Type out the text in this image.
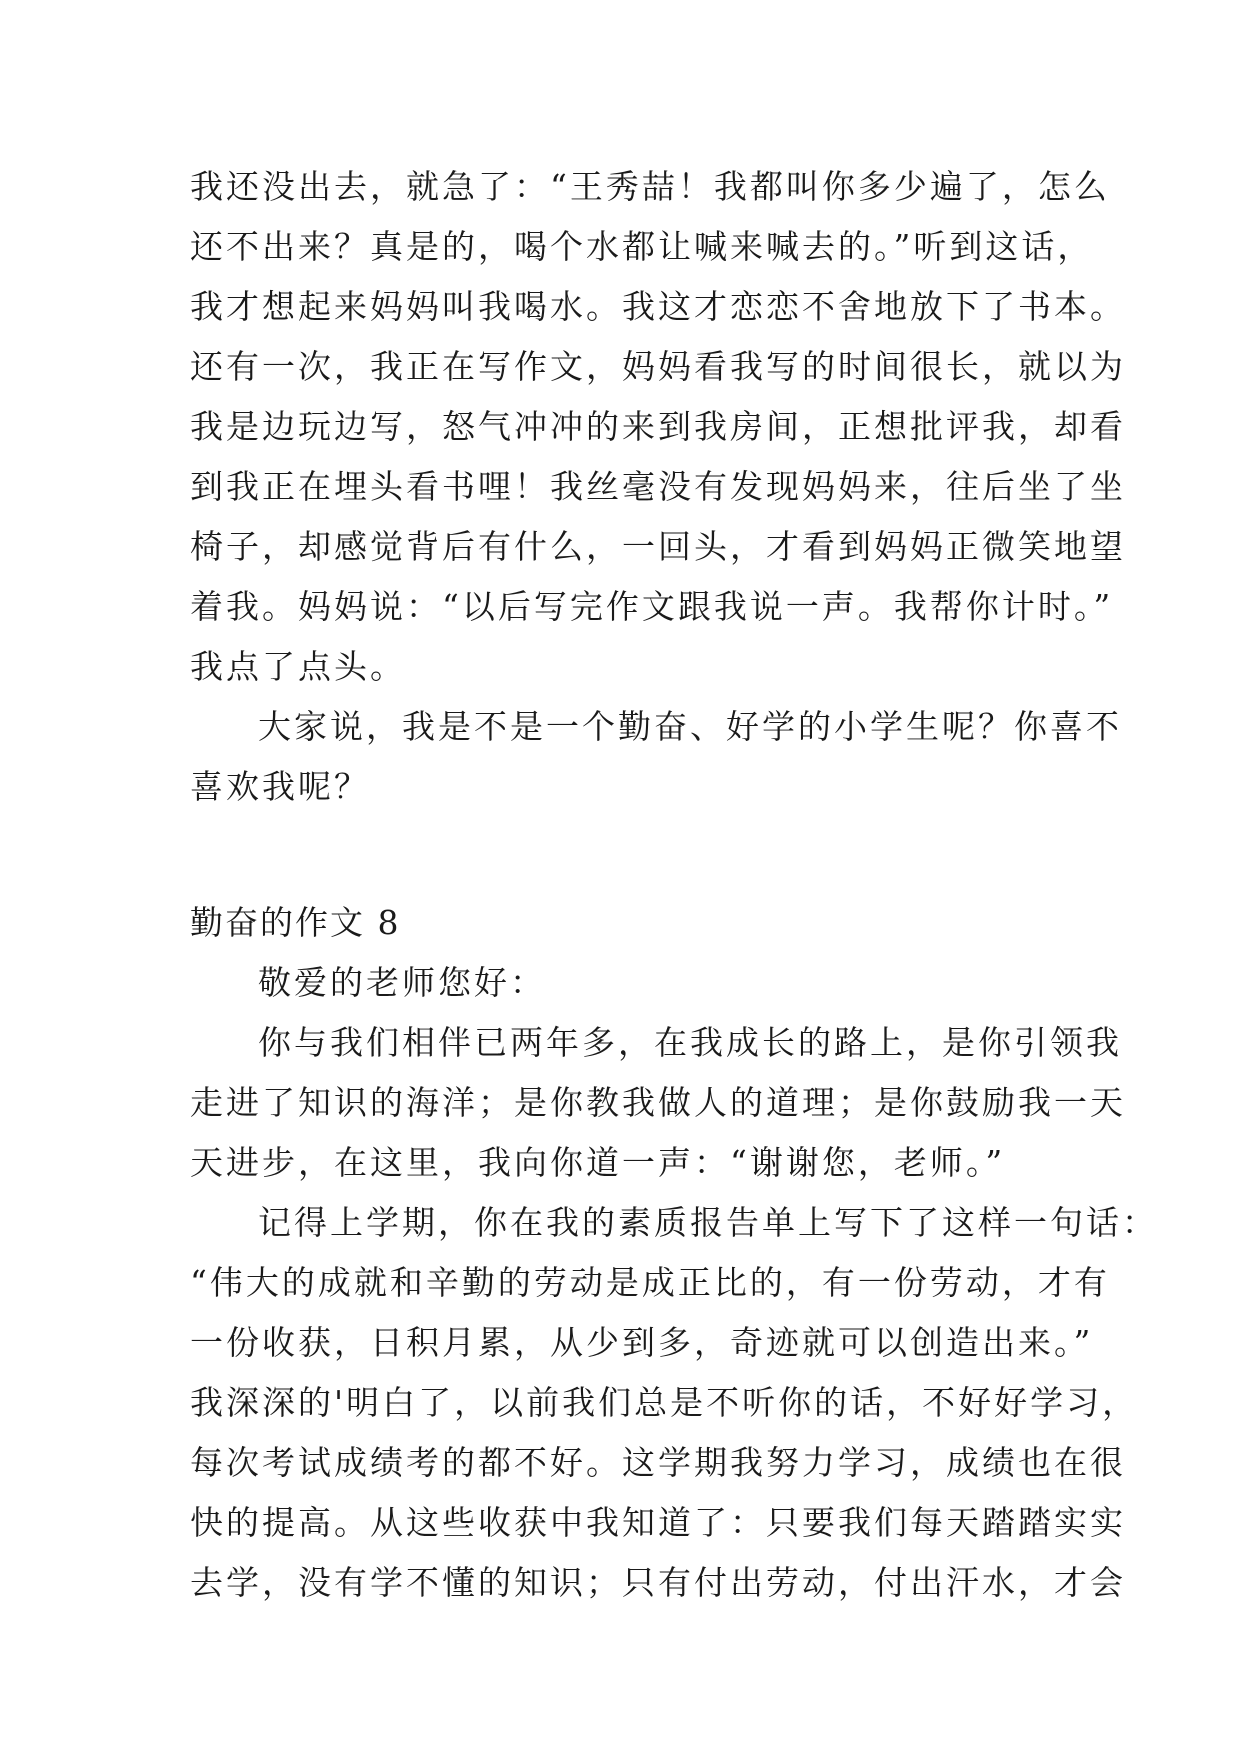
我还没出去，就急了：“王秀喆！我都叫你多少遍了，怎么
还不出来？真是的，喝个水都让喊来喊去的。”听到这话，
我才想起来妈妈叫我喝水。我这才恋恋不舍地放下了书本。
还有一次，我正在写作文，妈妈看我写的时间很长，就以为
我是边玩边写，怒气冲冲的来到我房间，正想批评我，却看
到我正在埋头看书哩！我丝毫没有发现妈妈来，往后坐了坐
椅子，却感觉背后有什么，一回头，才看到妈妈正微笑地望
着我。妈妈说：“以后写完作文跟我说一声。我帮你计时。”
我点了点头。
大家说，我是不是一个勤奋、好学的小学生呢？你喜不
喜欢我呢？
勤奋的作文 8
敬爱的老师您好：
你与我们相伴已两年多，在我成长的路上，是你引领我
走进了知识的海洋；是你教我做人的道理；是你鼓励我一天
天进步，在这里，我向你道一声：“谢谢您，老师。”
记得上学期，你在我的素质报告单上写下了这样一句话：
“伟大的成就和辛勤的劳动是成正比的，有一份劳动，才有
一份收获，日积月累，从少到多，奇迹就可以创造出来。”
我深深的'明白了，以前我们总是不听你的话，不好好学习，
每次考试成绩考的都不好。这学期我努力学习，成绩也在很
快的提高。从这些收获中我知道了：只要我们每天踏踏实实
去学，没有学不懂的知识；只有付出劳动，付出汗水，才会
